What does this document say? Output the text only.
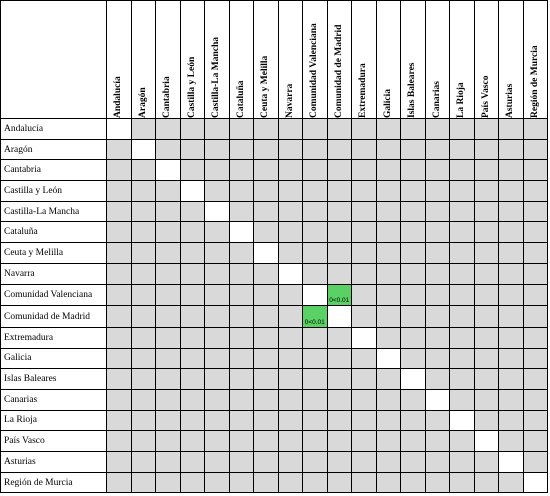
	Andalucía	Aragón	Cantabria	Castilla y León	Castilla-La Mancha	Cataluña	Ceuta y Melilla	Navarra	Comunidad Valenciana	Comunidad de Madrid	Extremadura	Galicia	Islas Baleares	Canarias	La Rioja	País Vasco	Asturias	Región de Murcia

Andalucía																		
Aragón																		
Cantabria																		
Castilla y León																		
Castilla-La Mancha																		
Cataluña																		
Ceuta y Melilla																		
Navarra																		
Comunidad Valenciana										0<0.01								
Comunidad de Madrid									0<0.01									
Extremadura																		
Galicia																		
Islas Baleares																		
Canarias																		
La Rioja																		
País Vasco																		
Asturias																		
Región de Murcia																		
